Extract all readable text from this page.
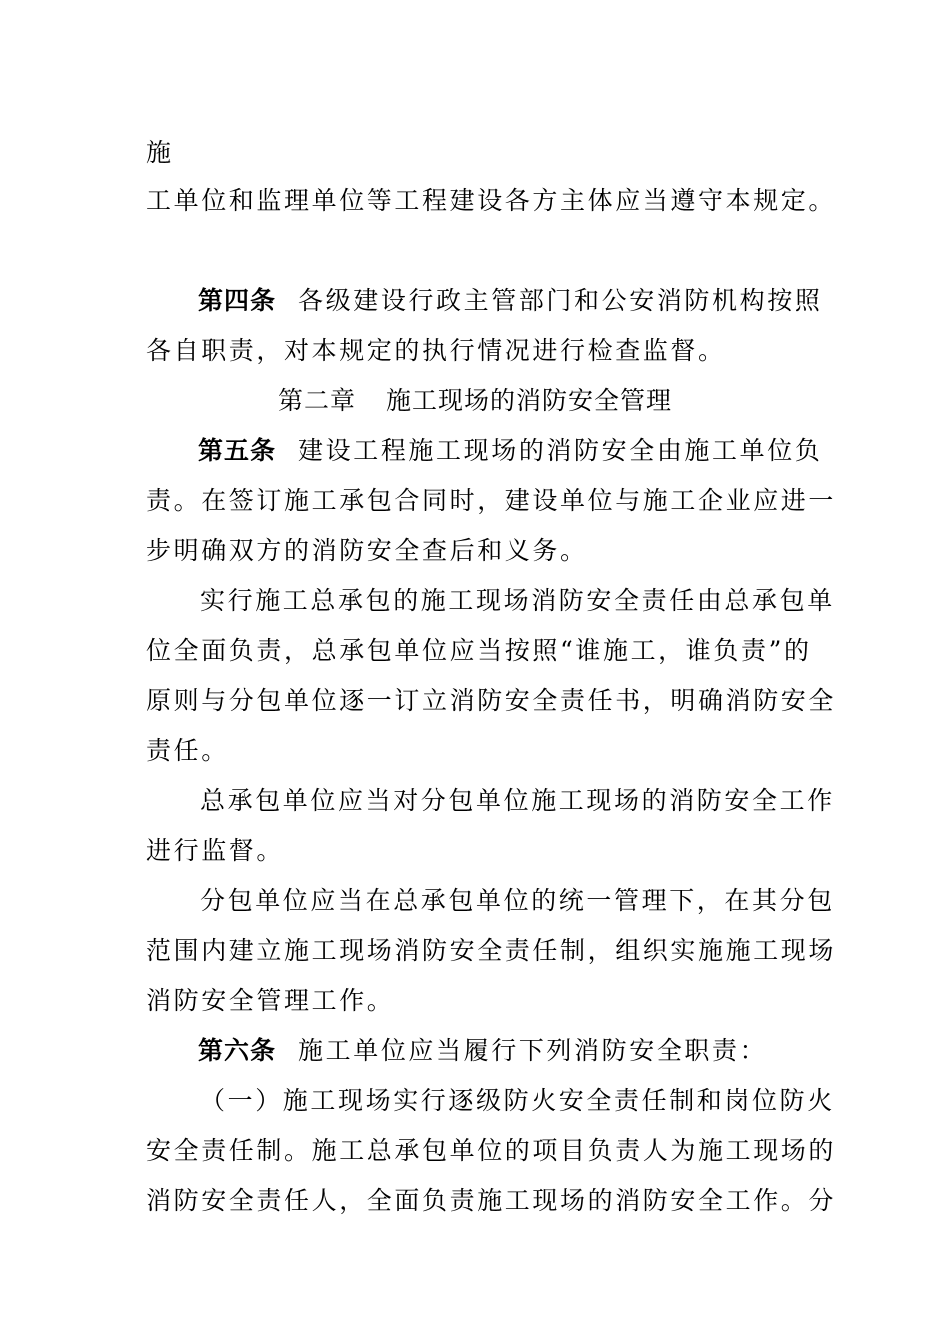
施
工单位和监理单位等工程建设各方主体应当遵守本规定。
第四条 各级建设行政主管部门和公安消防机构按照
各自职责，对本规定的执行情况进行检查监督。
第二章 施工现场的消防安全管理
第五条 建设工程施工现场的消防安全由施工单位负
责。在签订施工承包合同时，建设单位与施工企业应进一
步明确双方的消防安全查后和义务。
实行施工总承包的施工现场消防安全责任由总承包单
位全面负责，总承包单位应当按照“谁施工，谁负责”的
原则与分包单位逐一订立消防安全责任书，明确消防安全
责任。
总承包单位应当对分包单位施工现场的消防安全工作
进行监督。
分包单位应当在总承包单位的统一管理下，在其分包
范围内建立施工现场消防安全责任制，组织实施施工现场
消防安全管理工作。
第六条 施工单位应当履行下列消防安全职责：
（一）施工现场实行逐级防火安全责任制和岗位防火
安全责任制。施工总承包单位的项目负责人为施工现场的
消防安全责任人，全面负责施工现场的消防安全工作。分
